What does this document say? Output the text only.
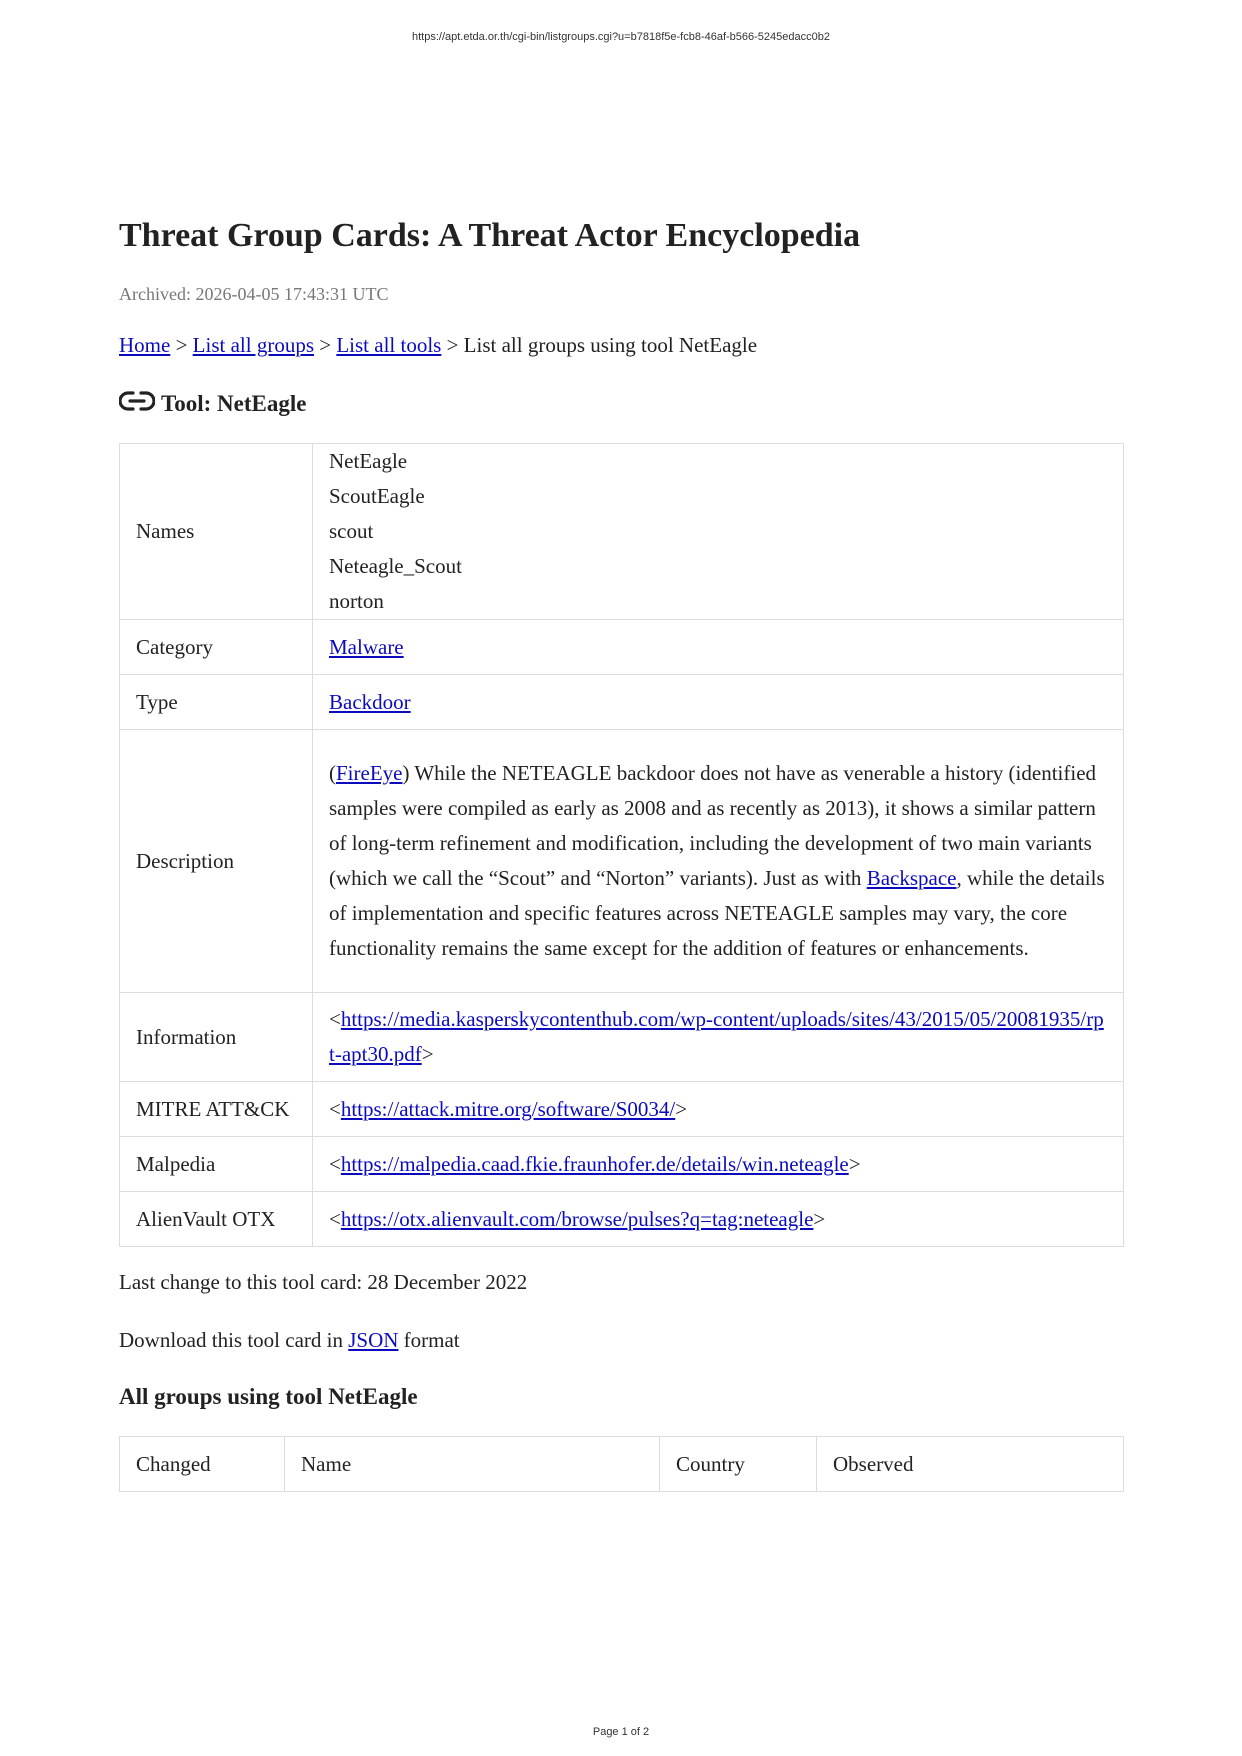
https://apt.etda.or.th/cgi-bin/listgroups.cgi?u=b7818f5e-fcb8-46af-b566-5245edacc0b2
Threat Group Cards: A Threat Actor Encyclopedia
Archived: 2026-04-05 17:43:31 UTC
Home > List all groups > List all tools > List all groups using tool NetEagle
Tool: NetEagle
Names	NetEagle
ScoutEagle
scout
Neteagle_Scout
norton

Category	Malware
Type	Backdoor
Description	(FireEye) While the NETEAGLE backdoor does not have as venerable a history (identified samples were compiled as early as 2008 and as recently as 2013), it shows a similar pattern of long-term refinement and modification, including the development of two main variants (which we call the “Scout” and “Norton” variants). Just as with Backspace, while the details of implementation and specific features across NETEAGLE samples may vary, the core functionality remains the same except for the addition of features or enhancements.
Information	<https://media.kasperskycontenthub.com/wp-content/uploads/sites/43/2015/05/20081935/rpt-apt30.pdf>
MITRE ATT&CK	<https://attack.mitre.org/software/S0034/>
Malpedia	<https://malpedia.caad.fkie.fraunhofer.de/details/win.neteagle>
AlienVault OTX	<https://otx.alienvault.com/browse/pulses?q=tag:neteagle>
Last change to this tool card: 28 December 2022
Download this tool card in JSON format
All groups using tool NetEagle
Changed	Name	Country	Observed
Page 1 of 2
